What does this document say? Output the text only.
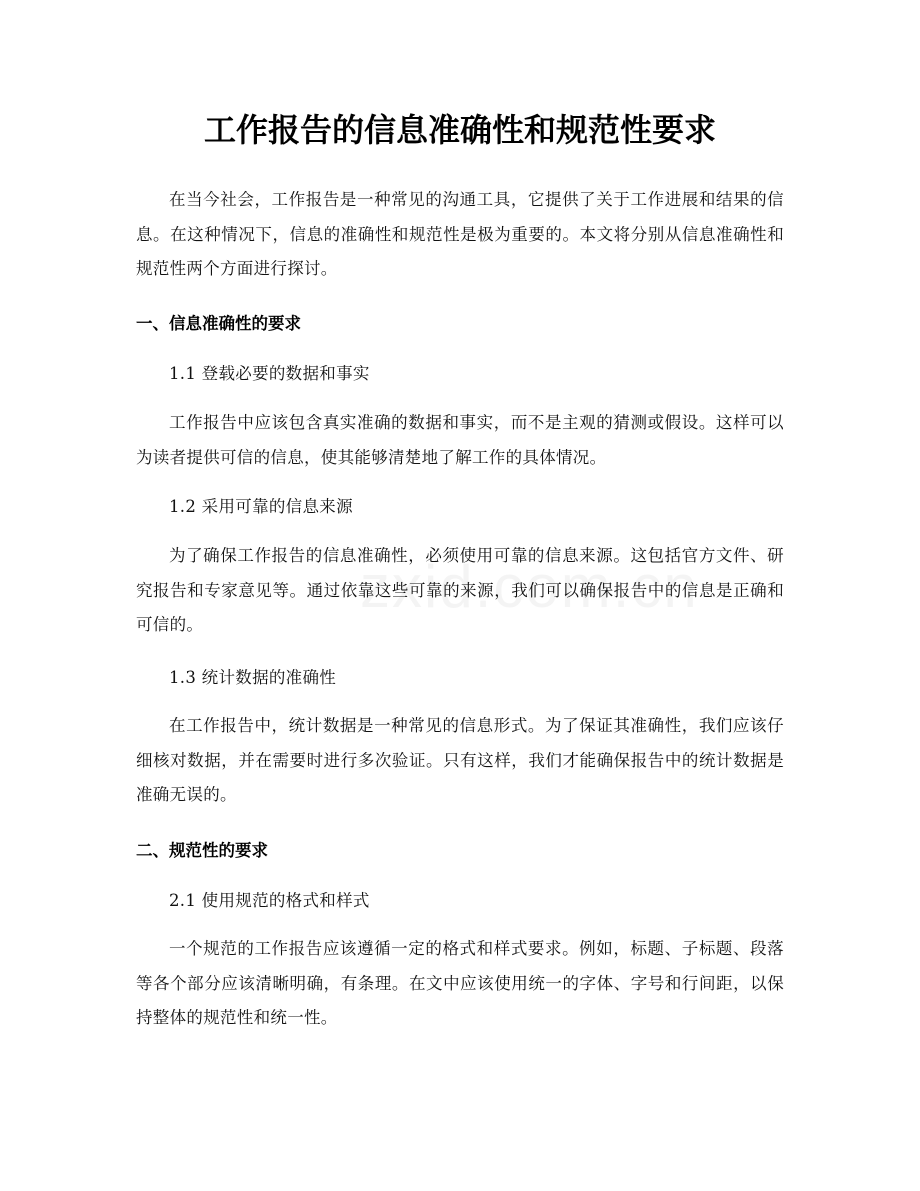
工作报告的信息准确性和规范性要求

在当今社会，工作报告是一种常见的沟通工具，它提供了关于工作进展和结果的信息。在这种情况下，信息的准确性和规范性是极为重要的。本文将分别从信息准确性和规范性两个方面进行探讨。

一、信息准确性的要求

1.1 登载必要的数据和事实

工作报告中应该包含真实准确的数据和事实，而不是主观的猜测或假设。这样可以为读者提供可信的信息，使其能够清楚地了解工作的具体情况。

1.2 采用可靠的信息来源

为了确保工作报告的信息准确性，必须使用可靠的信息来源。这包括官方文件、研究报告和专家意见等。通过依靠这些可靠的来源，我们可以确保报告中的信息是正确和可信的。

1.3 统计数据的准确性

在工作报告中，统计数据是一种常见的信息形式。为了保证其准确性，我们应该仔细核对数据，并在需要时进行多次验证。只有这样，我们才能确保报告中的统计数据是准确无误的。

二、规范性的要求

2.1 使用规范的格式和样式

一个规范的工作报告应该遵循一定的格式和样式要求。例如，标题、子标题、段落等各个部分应该清晰明确，有条理。在文中应该使用统一的字体、字号和行间距，以保持整体的规范性和统一性。
